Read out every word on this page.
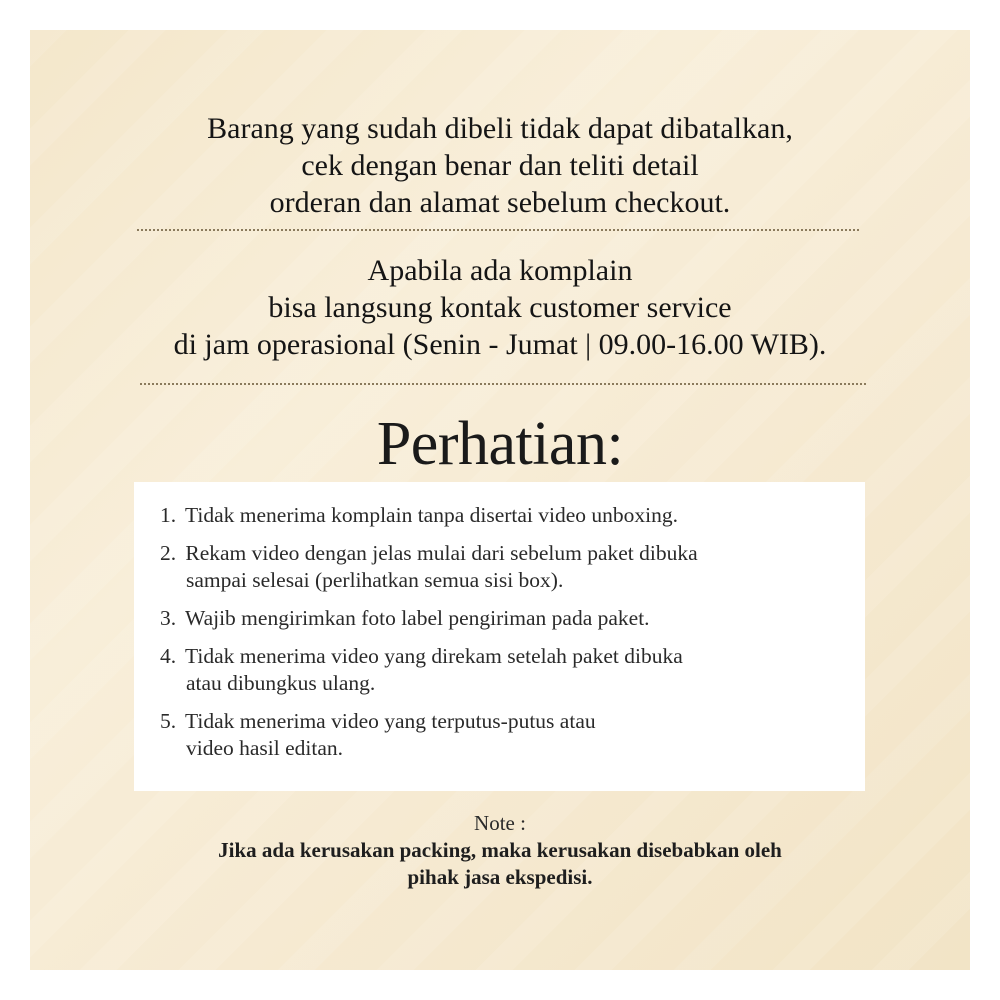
Barang yang sudah dibeli tidak dapat dibatalkan,
cek dengan benar dan teliti detail
orderan dan alamat sebelum checkout.
Apabila ada komplain
bisa langsung kontak customer service
di jam operasional (Senin - Jumat | 09.00-16.00 WIB).
Perhatian:
1. Tidak menerima komplain tanpa disertai video unboxing.
2. Rekam video dengan jelas mulai dari sebelum paket dibuka
sampai selesai (perlihatkan semua sisi box).
3. Wajib mengirimkan foto label pengiriman pada paket.
4. Tidak menerima video yang direkam setelah paket dibuka
atau dibungkus ulang.
5. Tidak menerima video yang terputus-putus atau
video hasil editan.
Note :
Jika ada kerusakan packing, maka kerusakan disebabkan oleh
pihak jasa ekspedisi.
